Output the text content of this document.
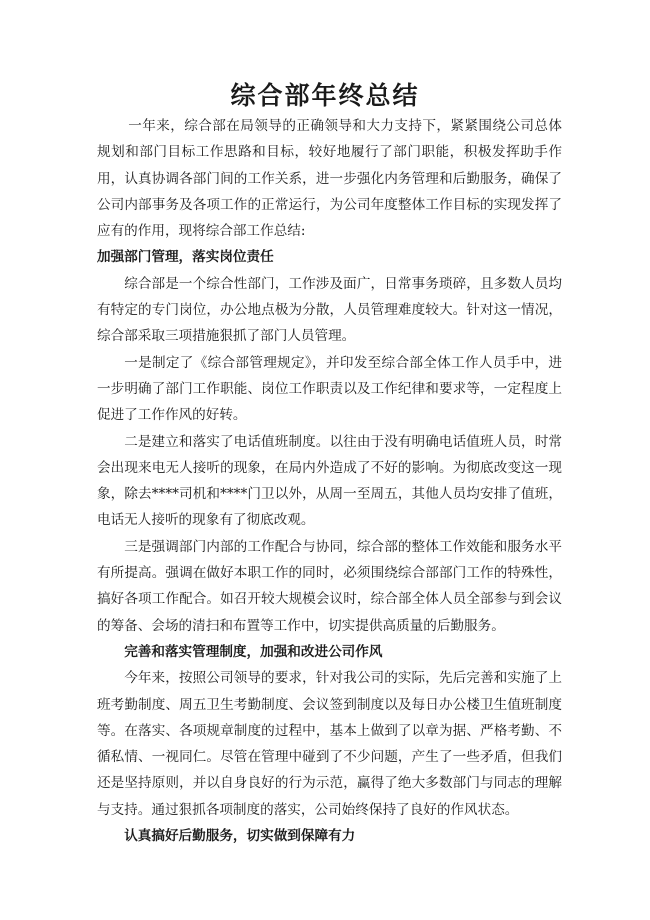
综合部年终总结

一年来，综合部在局领导的正确领导和大力支持下，紧紧围绕公司总体规划和部门目标工作思路和目标，较好地履行了部门职能，积极发挥助手作用，认真协调各部门间的工作关系，进一步强化内务管理和后勤服务，确保了公司内部事务及各项工作的正常运行，为公司年度整体工作目标的实现发挥了应有的作用，现将综合部工作总结:

加强部门管理，落实岗位责任

综合部是一个综合性部门，工作涉及面广，日常事务琐碎，且多数人员均有特定的专门岗位，办公地点极为分散，人员管理难度较大。针对这一情况，综合部采取三项措施狠抓了部门人员管理。

一是制定了《综合部管理规定》，并印发至综合部全体工作人员手中，进一步明确了部门工作职能、岗位工作职责以及工作纪律和要求等，一定程度上促进了工作作风的好转。

二是建立和落实了电话值班制度。以往由于没有明确电话值班人员，时常会出现来电无人接听的现象，在局内外造成了不好的影响。为彻底改变这一现象，除去****司机和****门卫以外，从周一至周五，其他人员均安排了值班，电话无人接听的现象有了彻底改观。

三是强调部门内部的工作配合与协同，综合部的整体工作效能和服务水平有所提高。强调在做好本职工作的同时，必须围绕综合部部门工作的特殊性，搞好各项工作配合。如召开较大规模会议时，综合部全体人员全部参与到会议的筹备、会场的清扫和布置等工作中，切实提供高质量的后勤服务。

完善和落实管理制度，加强和改进公司作风

今年来，按照公司领导的要求，针对我公司的实际，先后完善和实施了上班考勤制度、周五卫生考勤制度、会议签到制度以及每日办公楼卫生值班制度等。在落实、各项规章制度的过程中，基本上做到了以章为据、严格考勤、不循私情、一视同仁。尽管在管理中碰到了不少问题，产生了一些矛盾，但我们还是坚持原则，并以自身良好的行为示范，赢得了绝大多数部门与同志的理解与支持。通过狠抓各项制度的落实，公司始终保持了良好的作风状态。

认真搞好后勤服务，切实做到保障有力
